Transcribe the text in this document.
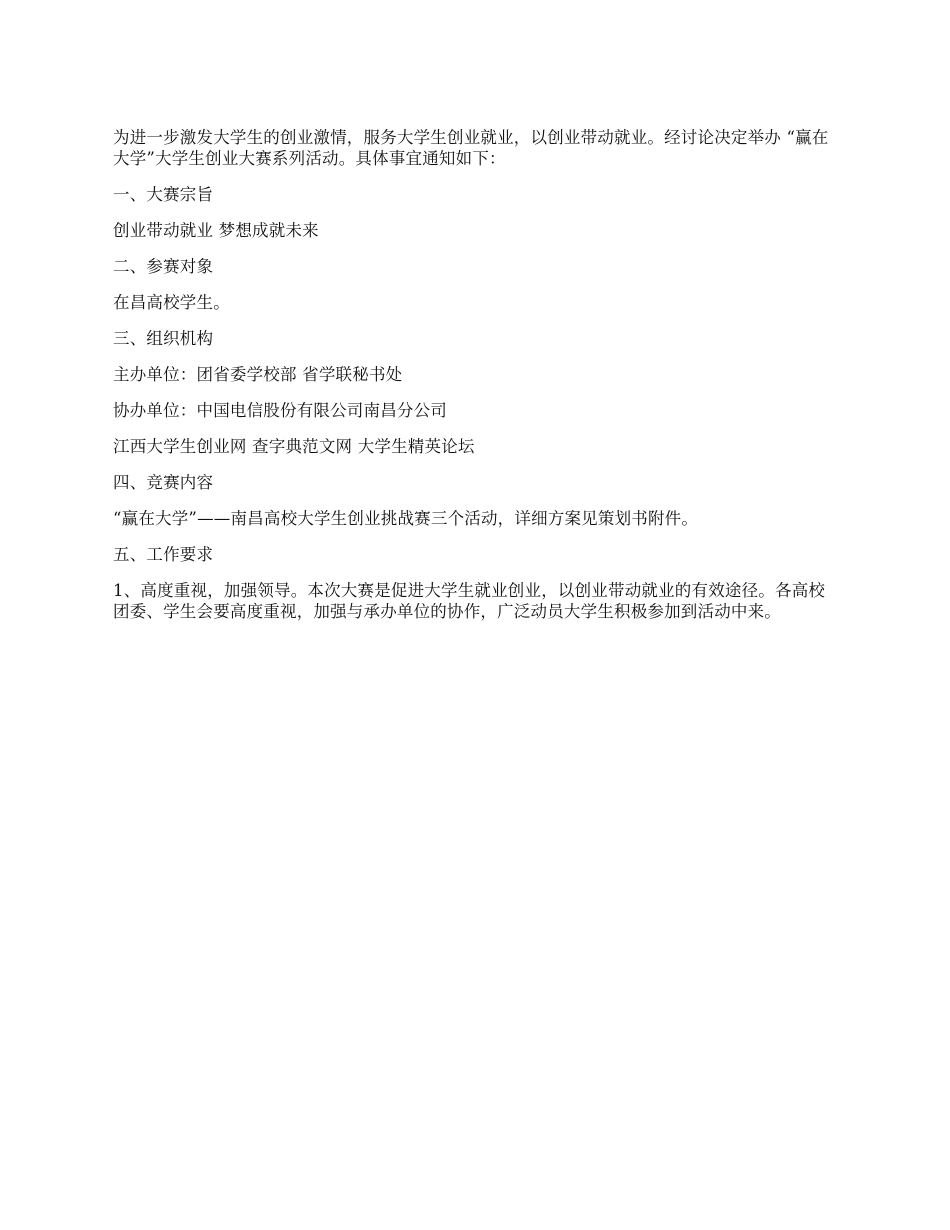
为进一步激发大学生的创业激情，服务大学生创业就业，以创业带动就业。经讨论决定举办 “赢在大学”大学生创业大赛系列活动。具体事宜通知如下：

一、大赛宗旨

创业带动就业 梦想成就未来

二、参赛对象

在昌高校学生。

三、组织机构

主办单位：团省委学校部 省学联秘书处

协办单位：中国电信股份有限公司南昌分公司

江西大学生创业网 查字典范文网 大学生精英论坛

四、竞赛内容

“赢在大学”——南昌高校大学生创业挑战赛三个活动，详细方案见策划书附件。

五、工作要求

1、高度重视，加强领导。本次大赛是促进大学生就业创业，以创业带动就业的有效途径。各高校团委、学生会要高度重视，加强与承办单位的协作，广泛动员大学生积极参加到活动中来。
